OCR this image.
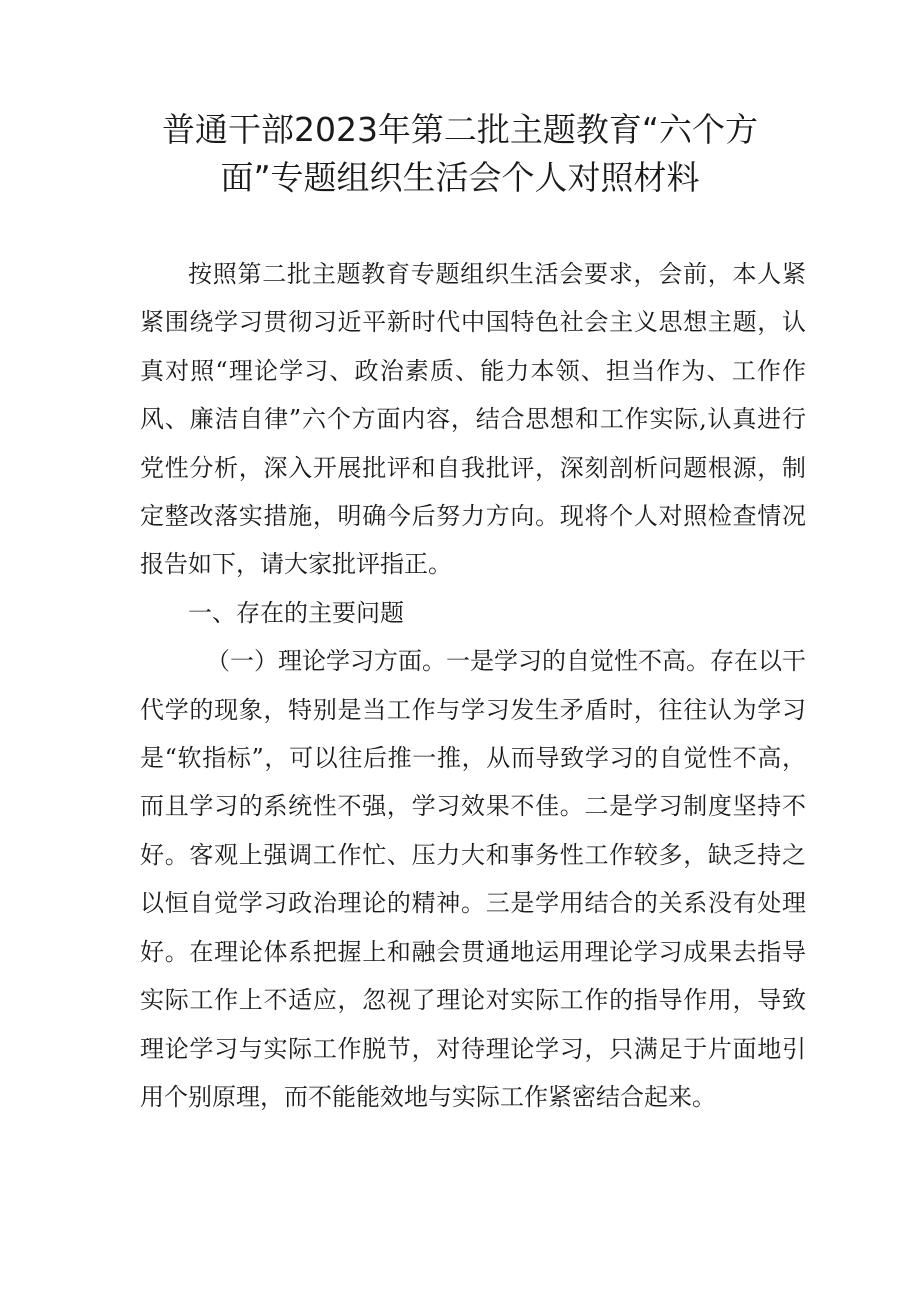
普通干部2023年第二批主题教育“六个方
面”专题组织生活会个人对照材料

按照第二批主题教育专题组织生活会要求，会前，本人紧紧围绕学习贯彻习近平新时代中国特色社会主义思想主题，认真对照“理论学习、政治素质、能力本领、担当作为、工作作风、廉洁自律”六个方面内容，结合思想和工作实际,认真进行党性分析，深入开展批评和自我批评，深刻剖析问题根源，制定整改落实措施，明确今后努力方向。现将个人对照检查情况报告如下，请大家批评指正。

一、存在的主要问题

（一）理论学习方面。一是学习的自觉性不高。存在以干代学的现象，特别是当工作与学习发生矛盾时，往往认为学习是“软指标”，可以往后推一推，从而导致学习的自觉性不高，而且学习的系统性不强，学习效果不佳。二是学习制度坚持不好。客观上强调工作忙、压力大和事务性工作较多，缺乏持之以恒自觉学习政治理论的精神。三是学用结合的关系没有处理好。在理论体系把握上和融会贯通地运用理论学习成果去指导实际工作上不适应，忽视了理论对实际工作的指导作用，导致理论学习与实际工作脱节，对待理论学习，只满足于片面地引用个别原理，而不能能效地与实际工作紧密结合起来。
